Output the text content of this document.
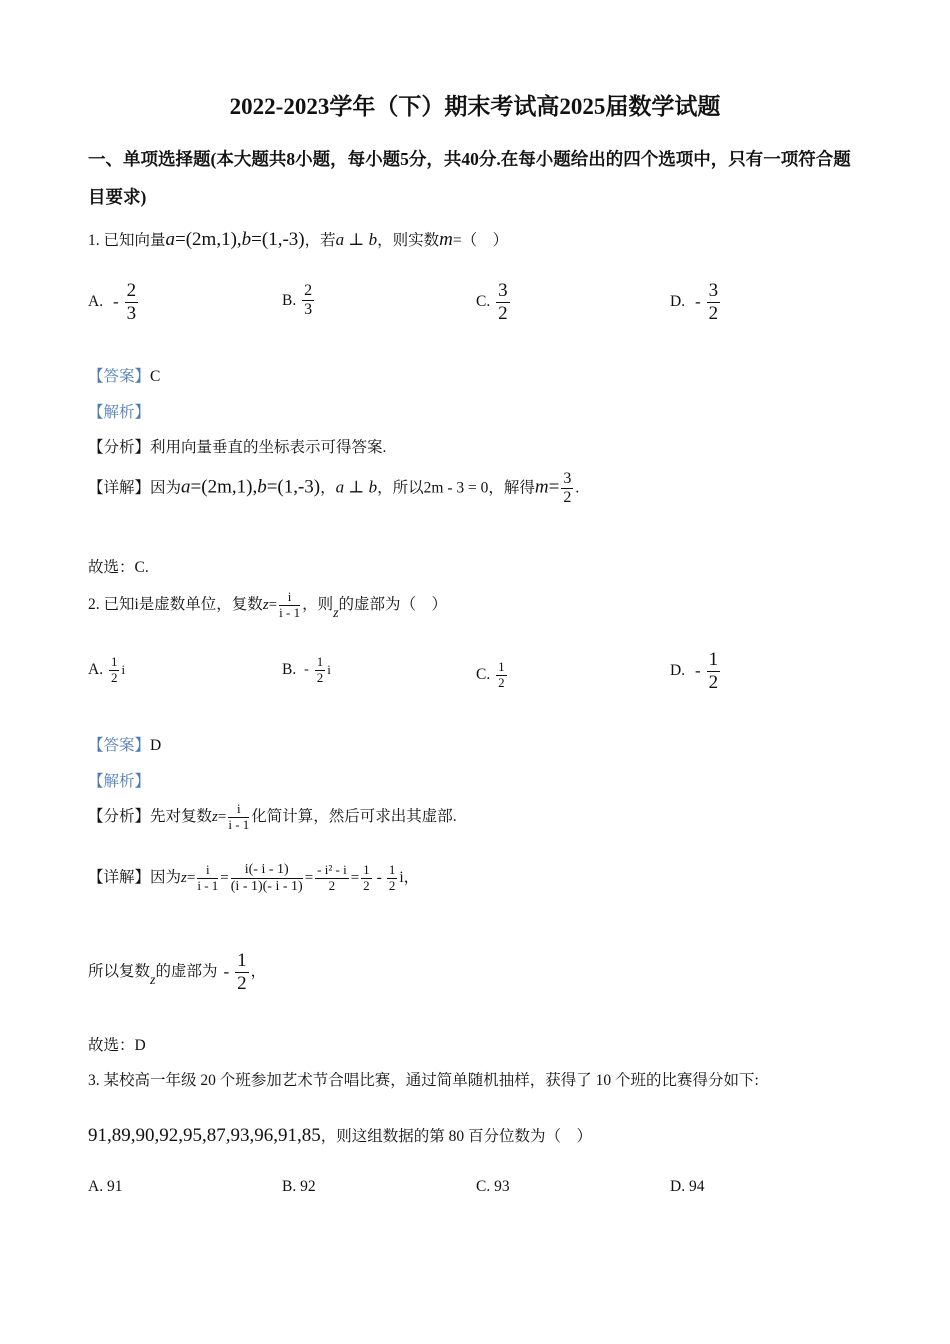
2022-2023学年（下）期末考试高2025届数学试题
一、单项选择题(本大题共8小题，每小题5分，共40分.在每小题给出的四个选项中，只有一项符合题目要求)
1. 已知向量a=(2m,1),b=(1,-3)，若a ⊥ b，则实数m=（　）
A. - $\frac{2}{3}$	B. $\frac{2}{3}$	C. $\frac{3}{2}$	D. - $\frac{3}{2}$
【答案】C
【解析】
【分析】利用向量垂直的坐标表示可得答案.
【详解】因为a=(2m,1),b=(1,-3)，a ⊥ b，所以2m - 3 = 0，解得$m= \frac{3}{2}$ .
故选：C.
2. 已知i是虚数单位，复数$z= \frac{i}{i - 1}$ ，则z的虚部为（　）
A. $\frac{1}{2}$ i	B. - $\frac{1}{2}$ i	C. $\frac{1}{2}$	D. - $\frac{1}{2}$
【答案】D
【解析】
【分析】先对复数$z= \frac{i}{i - 1}$ 化简计算，然后可求出其虚部.
【详解】因为$z= \frac{i}{i - 1} = \frac{i(- i - 1)}{(i - 1)(- i - 1)} = \frac{\text{- i² - i}}{2} = \frac{1}{2} - \frac{1}{2}$ i，
所以复数z的虚部为 - $\frac{1}{2}$ ，
故选：D
3. 某校高一年级 20 个班参加艺术节合唱比赛，通过简单随机抽样，获得了 10 个班的比赛得分如下:
91,89,90,92,95,87,93,96,91,85，则这组数据的第 80 百分位数为（　）
A. 91	B. 92	C. 93	D. 94
